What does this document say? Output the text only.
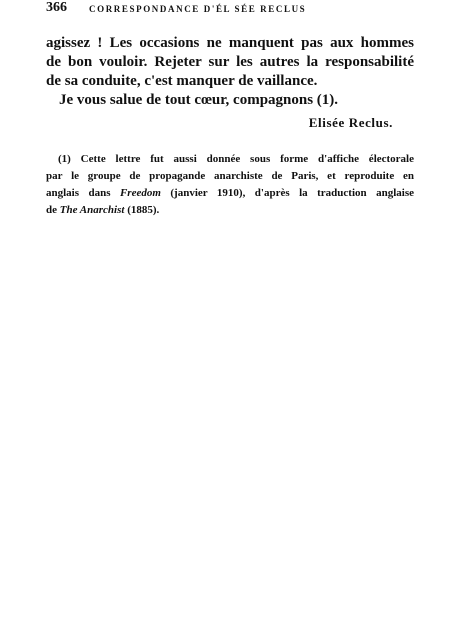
366 CORRESPONDANCE D'ÉL SÉE RECLUS
agissez ! Les occasions ne manquent pas aux hommes
de bon vouloir. Rejeter sur les autres la responsabilité
de sa conduite, c'est manquer de vaillance.
Je vous salue de tout cœur, compagnons (1).
Elisée Reclus.
(1) Cette lettre fut aussi donnée sous forme d'affiche électorale
par le groupe de propagande anarchiste de Paris, et reproduite en
anglais dans Freedom (janvier 1910), d'après la traduction anglaise
de The Anarchist (1885).
